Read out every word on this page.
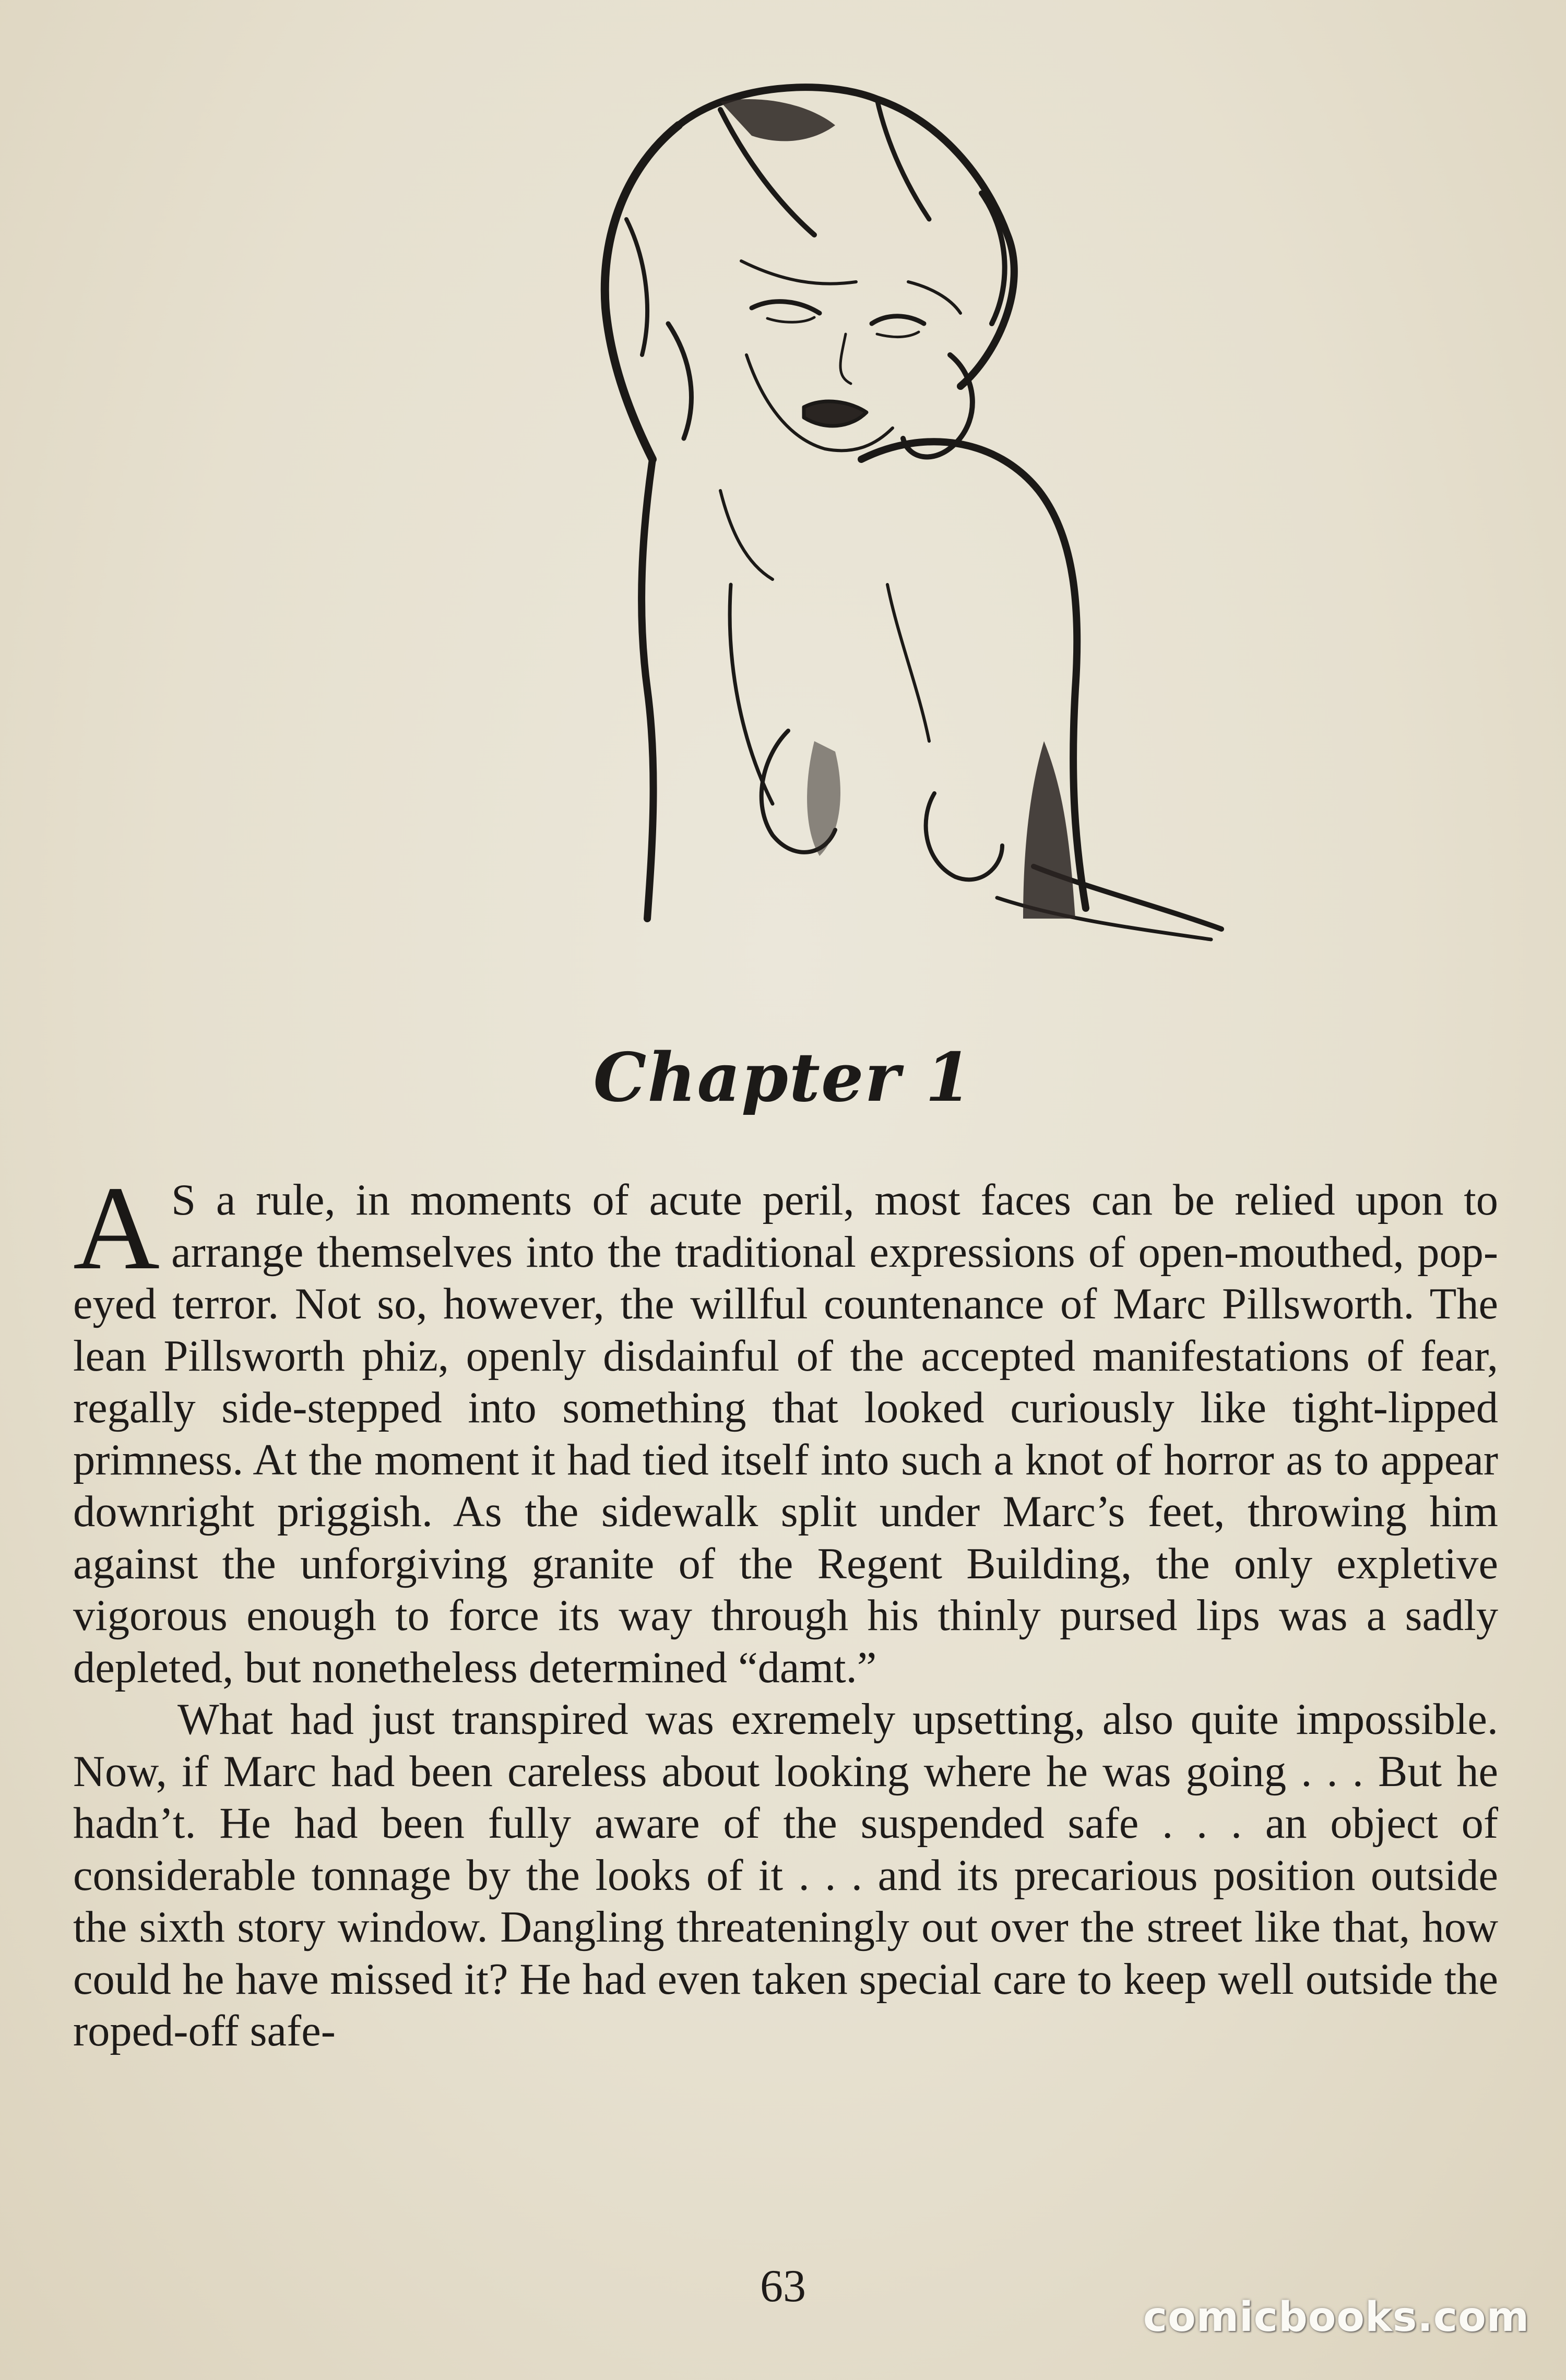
Chapter 1

A S a rule, in moments of acute peril, most faces can be relied upon to arrange themselves into the traditional expressions of open-mouthed, pop-eyed terror. Not so, however, the willful countenance of Marc Pillsworth. The lean Pillsworth phiz, openly disdainful of the accepted manifestations of fear, regally side-stepped into something that looked curiously like tight-lipped primness. At the moment it had tied itself into such a knot of horror as to appear downright priggish. As the sidewalk split under Marc’s feet, throwing him against the unforgiving granite of the Regent Building, the only expletive vigorous enough to force its way through his thinly pursed lips was a sadly depleted, but nonetheless determined “damt.”

What had just transpired was exremely upsetting, also quite impossible. Now, if Marc had been careless about looking where he was going . . . But he hadn’t. He had been fully aware of the suspended safe . . . an object of considerable tonnage by the looks of it . . . and its precarious position outside the sixth story window. Dangling threateningly out over the street like that, how could he have missed it? He had even taken special care to keep well outside the roped-off safe-

63
comicbooks.com
